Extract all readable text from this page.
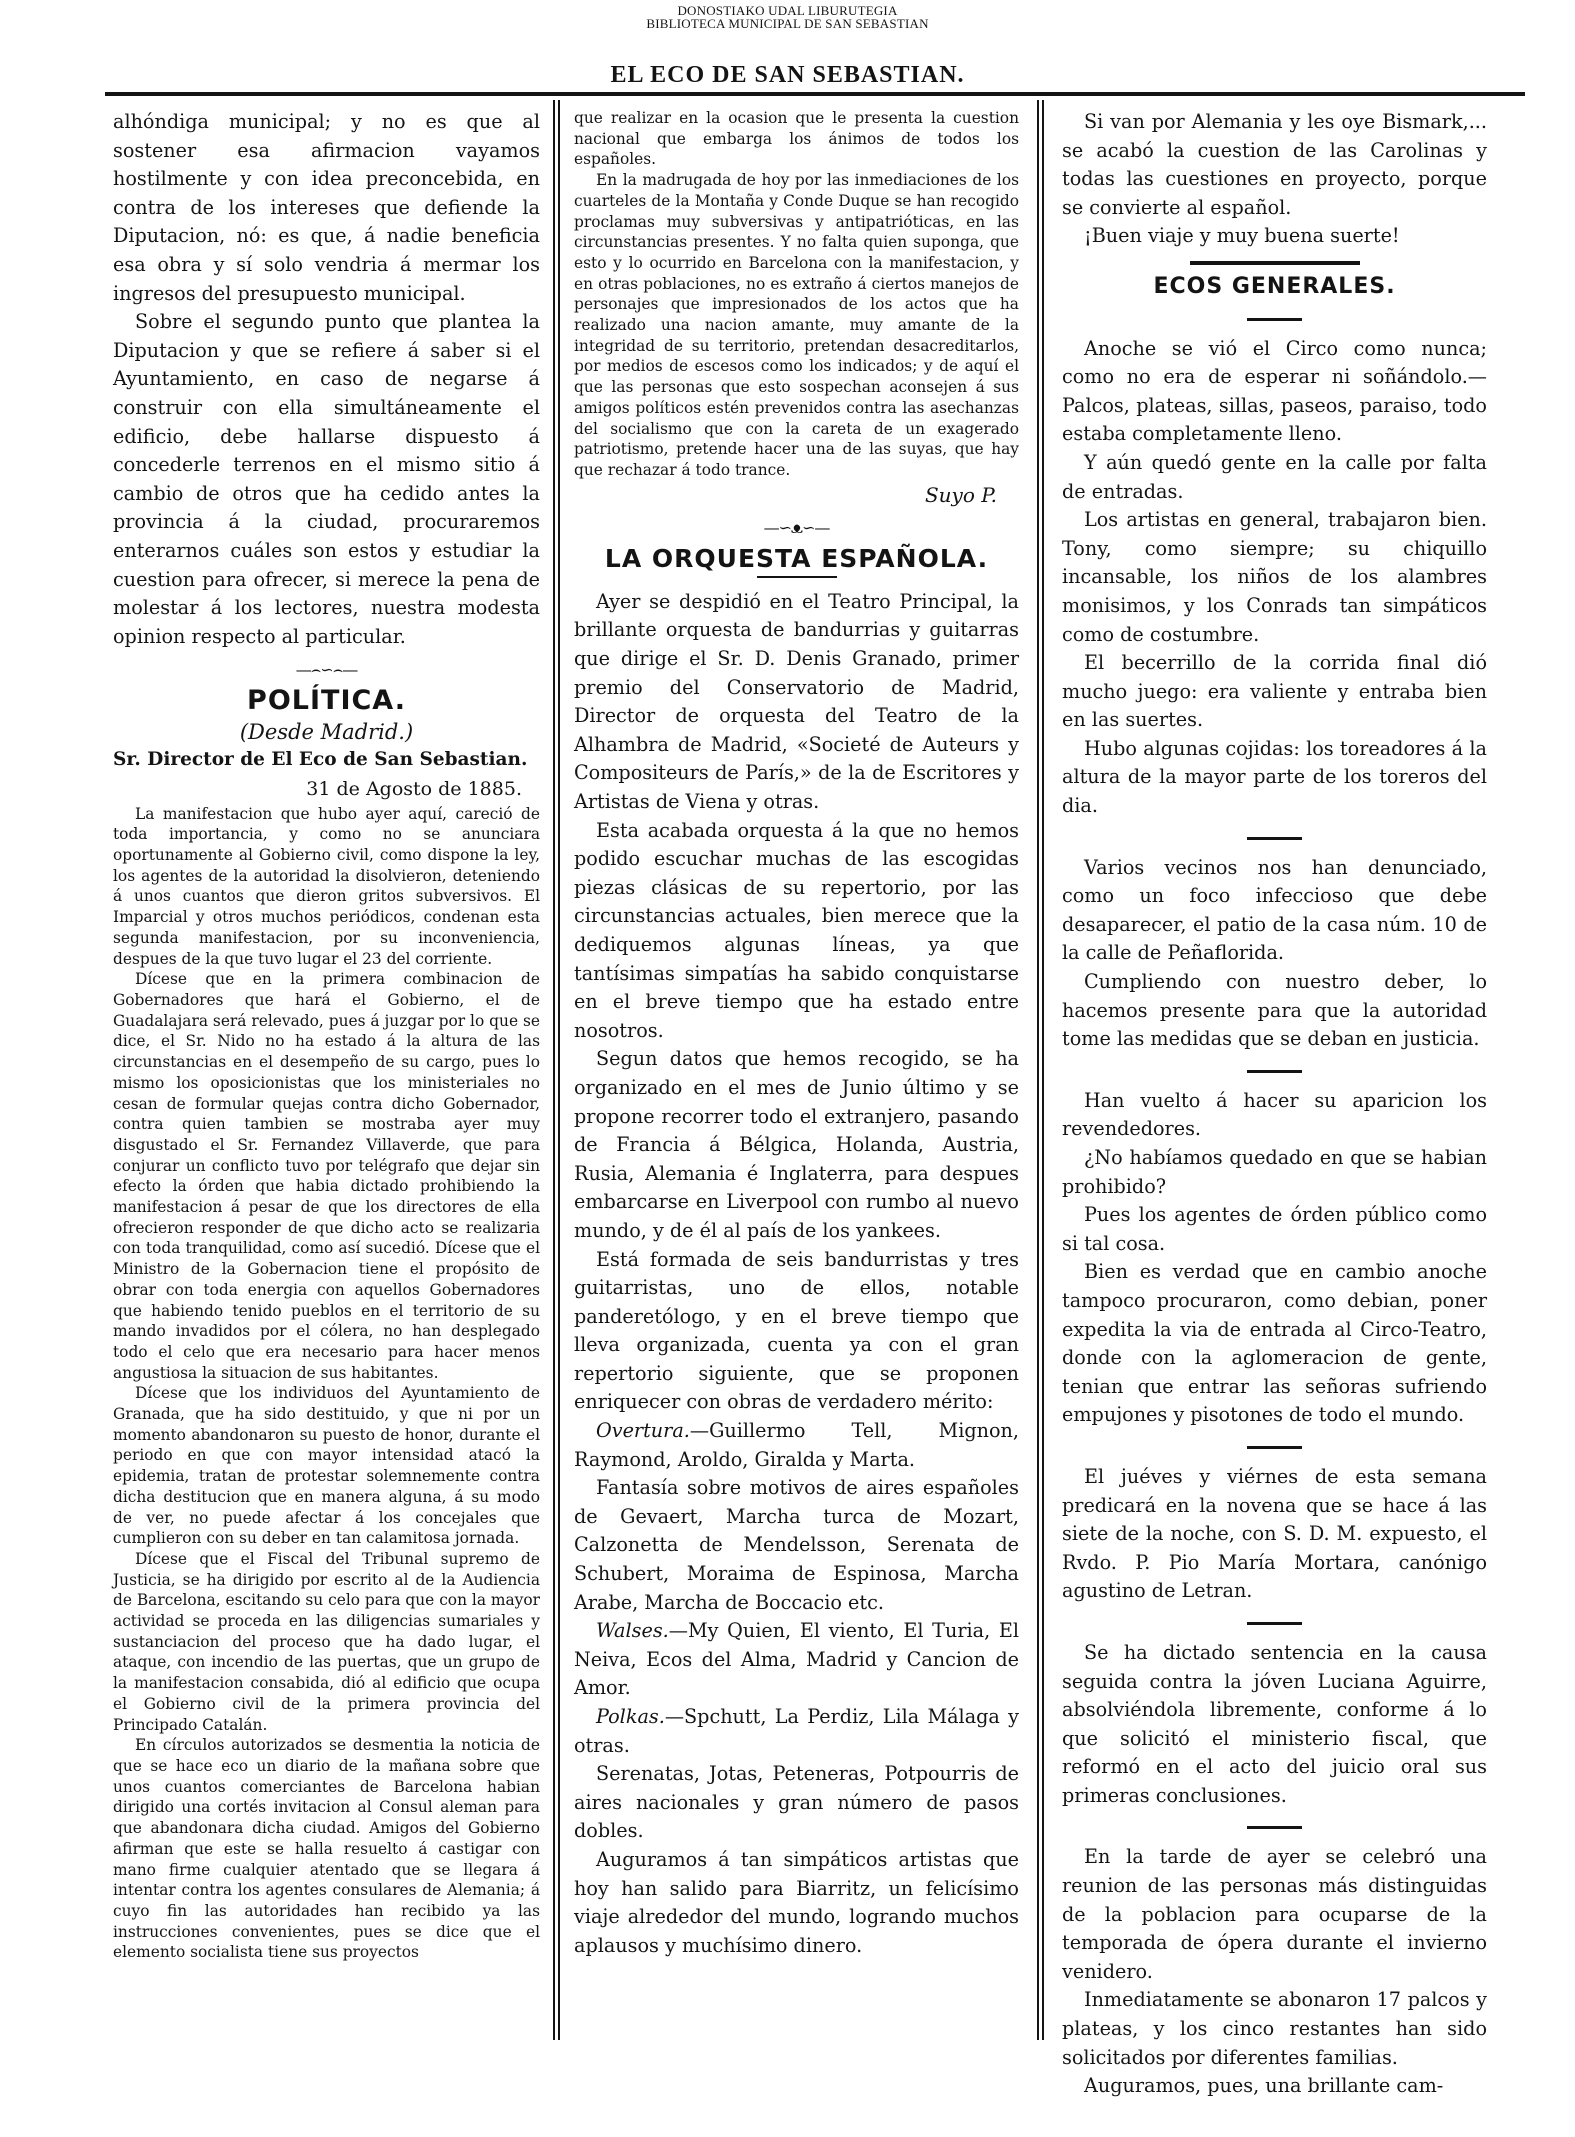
DONOSTIAKO UDAL LIBURUTEGIA
BIBLIOTECA MUNICIPAL DE SAN SEBASTIAN
EL ECO DE SAN SEBASTIAN.

alhóndiga municipal; y no es que al sostener esa afirmacion vayamos hostilmente y con idea preconcebida, en contra de los intereses que defiende la Diputacion, nó: es que, á nadie beneficia esa obra y sí solo vendria á mermar los ingresos del presupuesto municipal.

Sobre el segundo punto que plantea la Diputacion y que se refiere á saber si el Ayuntamiento, en caso de negarse á construir con ella simultáneamente el edificio, debe hallarse dispuesto á concederle terrenos en el mismo sitio á cambio de otros que ha cedido antes la provincia á la ciudad, procuraremos enterarnos cuáles son estos y estudiar la cuestion para ofrecer, si merece la pena de molestar á los lectores, nuestra modesta opinion respecto al particular.

—⌢∽⌢—
POLÍTICA.
(Desde Madrid.)
Sr. Director de El Eco de San Sebastian.
31 de Agosto de 1885.

La manifestacion que hubo ayer aquí, careció de toda importancia, y como no se anunciara oportunamente al Gobierno civil, como dispone la ley, los agentes de la autoridad la disolvieron, deteniendo á unos cuantos que dieron gritos subversivos. El Imparcial y otros muchos periódicos, condenan esta segunda manifestacion, por su inconveniencia, despues de la que tuvo lugar el 23 del corriente.

Dícese que en la primera combinacion de Gobernadores que hará el Gobierno, el de Guadalajara será relevado, pues á juzgar por lo que se dice, el Sr. Nido no ha estado á la altura de las circunstancias en el desempeño de su cargo, pues lo mismo los oposicionistas que los ministeriales no cesan de formular quejas contra dicho Gobernador, contra quien tambien se mostraba ayer muy disgustado el Sr. Fernandez Villaverde, que para conjurar un conflicto tuvo por telégrafo que dejar sin efecto la órden que habia dictado prohibiendo la manifestacion á pesar de que los directores de ella ofrecieron responder de que dicho acto se realizaria con toda tranquilidad, como así sucedió. Dícese que el Ministro de la Gobernacion tiene el propósito de obrar con toda energia con aquellos Gobernadores que habiendo tenido pueblos en el territorio de su mando invadidos por el cólera, no han desplegado todo el celo que era necesario para hacer menos angustiosa la situacion de sus habitantes.

Dícese que los individuos del Ayuntamiento de Granada, que ha sido destituido, y que ni por un momento abandonaron su puesto de honor, durante el periodo en que con mayor intensidad atacó la epidemia, tratan de protestar solemnemente contra dicha destitucion que en manera alguna, á su modo de ver, no puede afectar á los concejales que cumplieron con su deber en tan calamitosa jornada.

Dícese que el Fiscal del Tribunal supremo de Justicia, se ha dirigido por escrito al de la Audiencia de Barcelona, escitando su celo para que con la mayor actividad se proceda en las diligencias sumariales y sustanciacion del proceso que ha dado lugar, el ataque, con incendio de las puertas, que un grupo de la manifestacion consabida, dió al edificio que ocupa el Gobierno civil de la primera provincia del Principado Catalán.

En círculos autorizados se desmentia la noticia de que se hace eco un diario de la mañana sobre que unos cuantos comerciantes de Barcelona habian dirigido una cortés invitacion al Consul aleman para que abandonara dicha ciudad. Amigos del Gobierno afirman que este se halla resuelto á castigar con mano firme cualquier atentado que se llegara á intentar contra los agentes consulares de Alemania; á cuyo fin las autoridades han recibido ya las instrucciones convenientes, pues se dice que el elemento socialista tiene sus proyectos

que realizar en la ocasion que le presenta la cuestion nacional que embarga los ánimos de todos los españoles.

En la madrugada de hoy por las inmediaciones de los cuarteles de la Montaña y Conde Duque se han recogido proclamas muy subversivas y antipatrióticas, en las circunstancias presentes. Y no falta quien suponga, que esto y lo ocurrido en Barcelona con la manifestacion, y en otras poblaciones, no es extraño á ciertos manejos de personajes que impresionados de los actos que ha realizado una nacion amante, muy amante de la integridad de su territorio, pretendan desacreditarlos, por medios de escesos como los indicados; y de aquí el que las personas que esto sospechan aconsejen á sus amigos políticos estén prevenidos contra las asechanzas del socialismo que con la careta de un exagerado patriotismo, pretende hacer una de las suyas, que hay que rechazar á todo trance.

Suyo P.
—∽ᴥ∽—
LA ORQUESTA ESPAÑOLA.

Ayer se despidió en el Teatro Principal, la brillante orquesta de bandurrias y guitarras que dirige el Sr. D. Denis Granado, primer premio del Conservatorio de Madrid, Director de orquesta del Teatro de la Alhambra de Madrid, «Societé de Auteurs y Compositeurs de París,» de la de Escritores y Artistas de Viena y otras.

Esta acabada orquesta á la que no hemos podido escuchar muchas de las escogidas piezas clásicas de su repertorio, por las circunstancias actuales, bien merece que la dediquemos algunas líneas, ya que tantísimas simpatías ha sabido conquistarse en el breve tiempo que ha estado entre nosotros.

Segun datos que hemos recogido, se ha organizado en el mes de Junio último y se propone recorrer todo el extranjero, pasando de Francia á Bélgica, Holanda, Austria, Rusia, Alemania é Inglaterra, para despues embarcarse en Liverpool con rumbo al nuevo mundo, y de él al país de los yankees.

Está formada de seis bandurristas y tres guitarristas, uno de ellos, notable panderetólogo, y en el breve tiempo que lleva organizada, cuenta ya con el gran repertorio siguiente, que se proponen enriquecer con obras de verdadero mérito:

Overtura.—Guillermo Tell, Mignon, Raymond, Aroldo, Giralda y Marta.

Fantasía sobre motivos de aires españoles de Gevaert, Marcha turca de Mozart, Calzonetta de Mendelsson, Serenata de Schubert, Moraima de Espinosa, Marcha Arabe, Marcha de Boccacio etc.

Walses.—My Quien, El viento, El Turia, El Neiva, Ecos del Alma, Madrid y Cancion de Amor.

Polkas.—Spchutt, La Perdiz, Lila Málaga y otras.

Serenatas, Jotas, Peteneras, Potpourris de aires nacionales y gran número de pasos dobles.

Auguramos á tan simpáticos artistas que hoy han salido para Biarritz, un felicísimo viaje alrededor del mundo, logrando muchos aplausos y muchísimo dinero.

Si van por Alemania y les oye Bismark,... se acabó la cuestion de las Carolinas y todas las cuestiones en proyecto, porque se convierte al español.

¡Buen viaje y muy buena suerte!

ECOS GENERALES.

Anoche se vió el Circo como nunca; como no era de esperar ni soñándolo.— Palcos, plateas, sillas, paseos, paraiso, todo estaba completamente lleno.

Y aún quedó gente en la calle por falta de entradas.

Los artistas en general, trabajaron bien. Tony, como siempre; su chiquillo incansable, los niños de los alambres monisimos, y los Conrads tan simpáticos como de costumbre.

El becerrillo de la corrida final dió mucho juego: era valiente y entraba bien en las suertes.

Hubo algunas cojidas: los toreadores á la altura de la mayor parte de los toreros del dia.

Varios vecinos nos han denunciado, como un foco infeccioso que debe desaparecer, el patio de la casa núm. 10 de la calle de Peñaflorida.

Cumpliendo con nuestro deber, lo hacemos presente para que la autoridad tome las medidas que se deban en justicia.

Han vuelto á hacer su aparicion los revendedores.

¿No habíamos quedado en que se habian prohibido?

Pues los agentes de órden público como si tal cosa.

Bien es verdad que en cambio anoche tampoco procuraron, como debian, poner expedita la via de entrada al Circo-Teatro, donde con la aglomeracion de gente, tenian que entrar las señoras sufriendo empujones y pisotones de todo el mundo.

El juéves y viérnes de esta semana predicará en la novena que se hace á las siete de la noche, con S. D. M. expuesto, el Rvdo. P. Pio María Mortara, canónigo agustino de Letran.

Se ha dictado sentencia en la causa seguida contra la jóven Luciana Aguirre, absolviéndola libremente, conforme á lo que solicitó el ministerio fiscal, que reformó en el acto del juicio oral sus primeras conclusiones.

En la tarde de ayer se celebró una reunion de las personas más distinguidas de la poblacion para ocuparse de la temporada de ópera durante el invierno venidero.

Inmediatamente se abonaron 17 palcos y plateas, y los cinco restantes han sido solicitados por diferentes familias.

Auguramos, pues, una brillante cam-
